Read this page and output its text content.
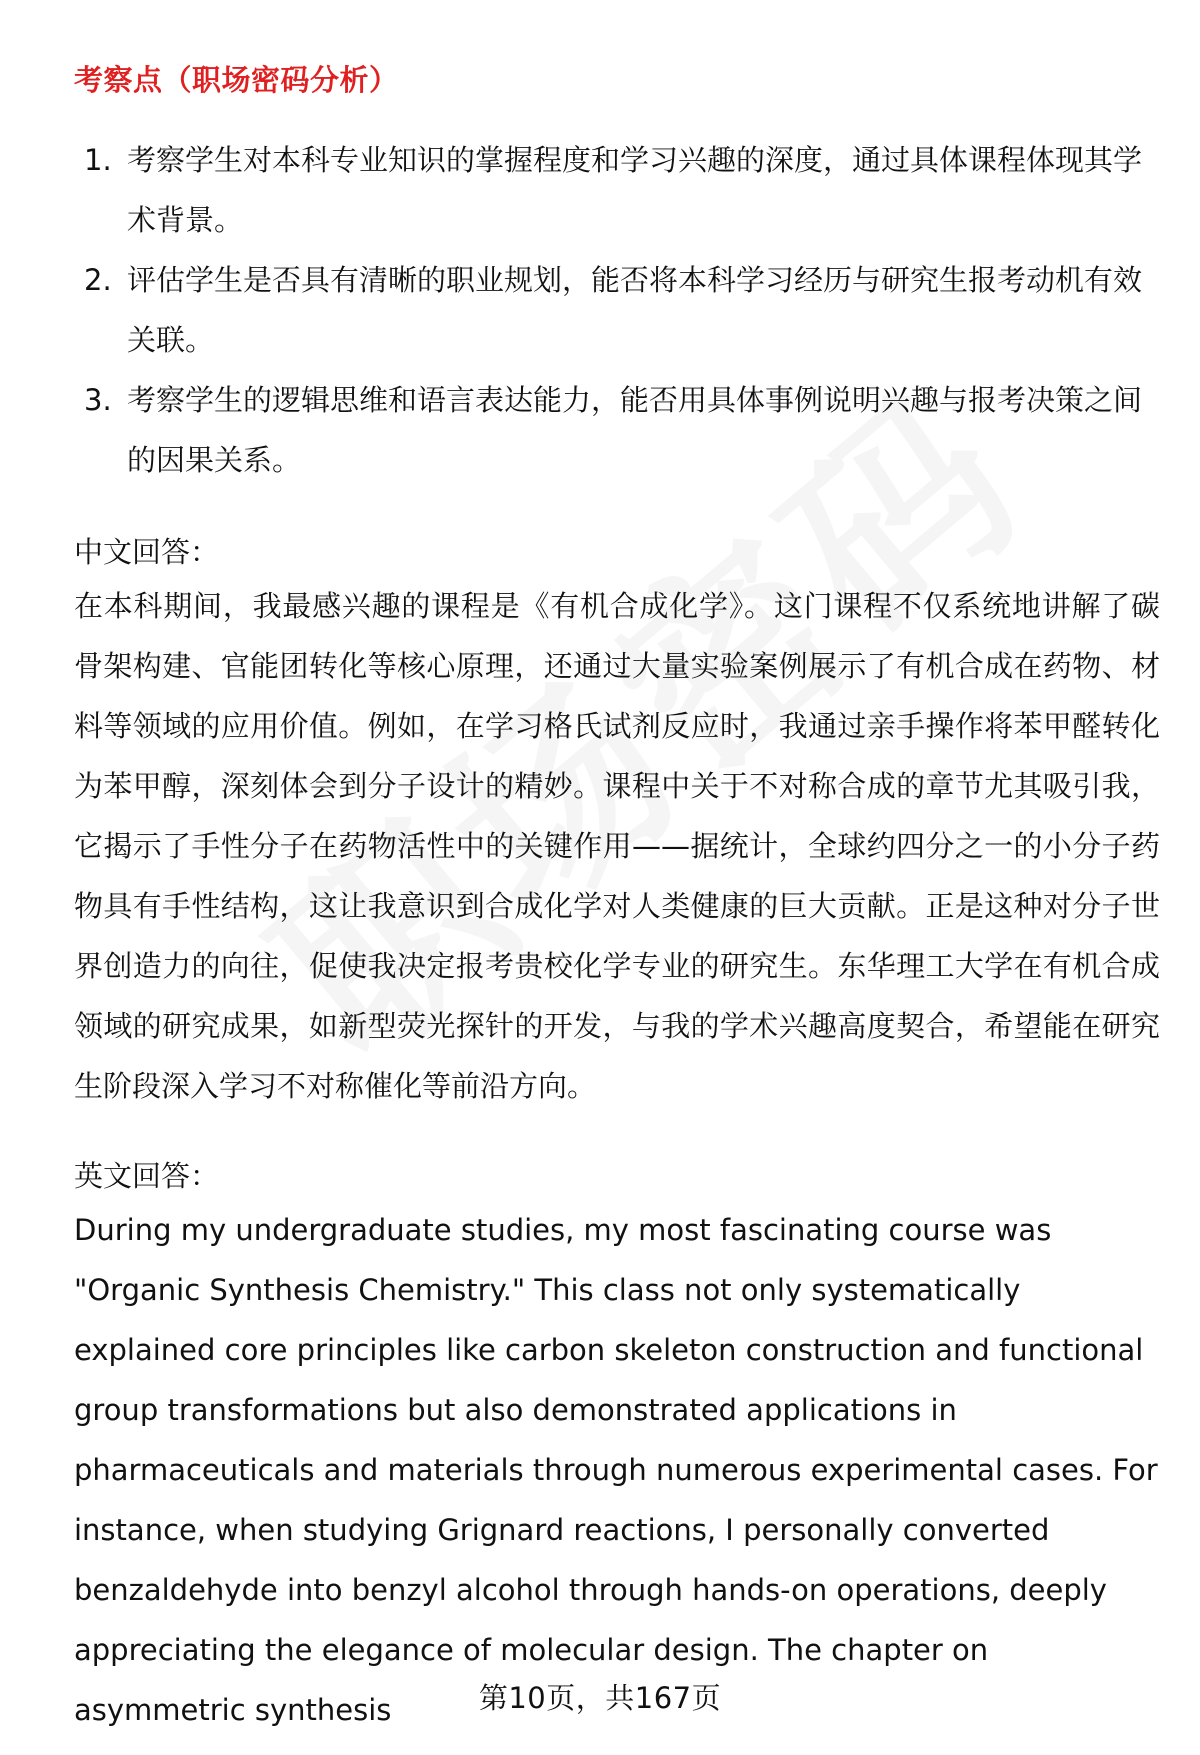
考察点（职场密码分析）
1. 考察学生对本科专业知识的掌握程度和学习兴趣的深度，通过具体课程体现其学术背景。
2. 评估学生是否具有清晰的职业规划，能否将本科学习经历与研究生报考动机有效关联。
3. 考察学生的逻辑思维和语言表达能力，能否用具体事例说明兴趣与报考决策之间的因果关系。
中文回答：
在本科期间，我最感兴趣的课程是《有机合成化学》。这门课程不仅系统地讲解了碳骨架构建、官能团转化等核心原理，还通过大量实验案例展示了有机合成在药物、材料等领域的应用价值。例如，在学习格氏试剂反应时，我通过亲手操作将苯甲醛转化为苯甲醇，深刻体会到分子设计的精妙。课程中关于不对称合成的章节尤其吸引我，它揭示了手性分子在药物活性中的关键作用——据统计，全球约四分之一的小分子药物具有手性结构，这让我意识到合成化学对人类健康的巨大贡献。正是这种对分子世界创造力的向往，促使我决定报考贵校化学专业的研究生。东华理工大学在有机合成领域的研究成果，如新型荧光探针的开发，与我的学术兴趣高度契合，希望能在研究生阶段深入学习不对称催化等前沿方向。
英文回答：
During my undergraduate studies, my most fascinating course was "Organic Synthesis Chemistry." This class not only systematically explained core principles like carbon skeleton construction and functional group transformations but also demonstrated applications in pharmaceuticals and materials through numerous experimental cases. For instance, when studying Grignard reactions, I personally converted benzaldehyde into benzyl alcohol through hands-on operations, deeply appreciating the elegance of molecular design. The chapter on asymmetric synthesis	第10页，共167页
